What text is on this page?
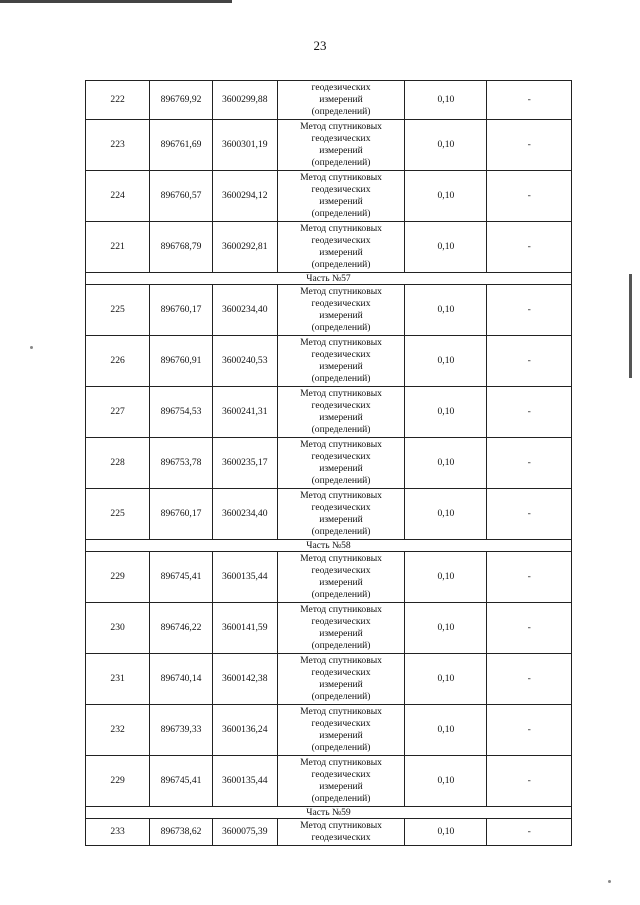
23
222	896769,92	3600299,88	геодезических
измерений
(определений)	0,10	-
223	896761,69	3600301,19	Метод спутниковых
геодезических
измерений
(определений)	0,10	-
224	896760,57	3600294,12	Метод спутниковых
геодезических
измерений
(определений)	0,10	-
221	896768,79	3600292,81	Метод спутниковых
геодезических
измерений
(определений)	0,10	-
Часть №57					
225	896760,17	3600234,40	Метод спутниковых
геодезических
измерений
(определений)	0,10	-
226	896760,91	3600240,53	Метод спутниковых
геодезических
измерений
(определений)	0,10	-
227	896754,53	3600241,31	Метод спутниковых
геодезических
измерений
(определений)	0,10	-
228	896753,78	3600235,17	Метод спутниковых
геодезических
измерений
(определений)	0,10	-
225	896760,17	3600234,40	Метод спутниковых
геодезических
измерений
(определений)	0,10	-
Часть №58					
229	896745,41	3600135,44	Метод спутниковых
геодезических
измерений
(определений)	0,10	-
230	896746,22	3600141,59	Метод спутниковых
геодезических
измерений
(определений)	0,10	-
231	896740,14	3600142,38	Метод спутниковых
геодезических
измерений
(определений)	0,10	-
232	896739,33	3600136,24	Метод спутниковых
геодезических
измерений
(определений)	0,10	-
229	896745,41	3600135,44	Метод спутниковых
геодезических
измерений
(определений)	0,10	-
Часть №59					
233	896738,62	3600075,39	Метод спутниковых
геодезических	0,10	-
